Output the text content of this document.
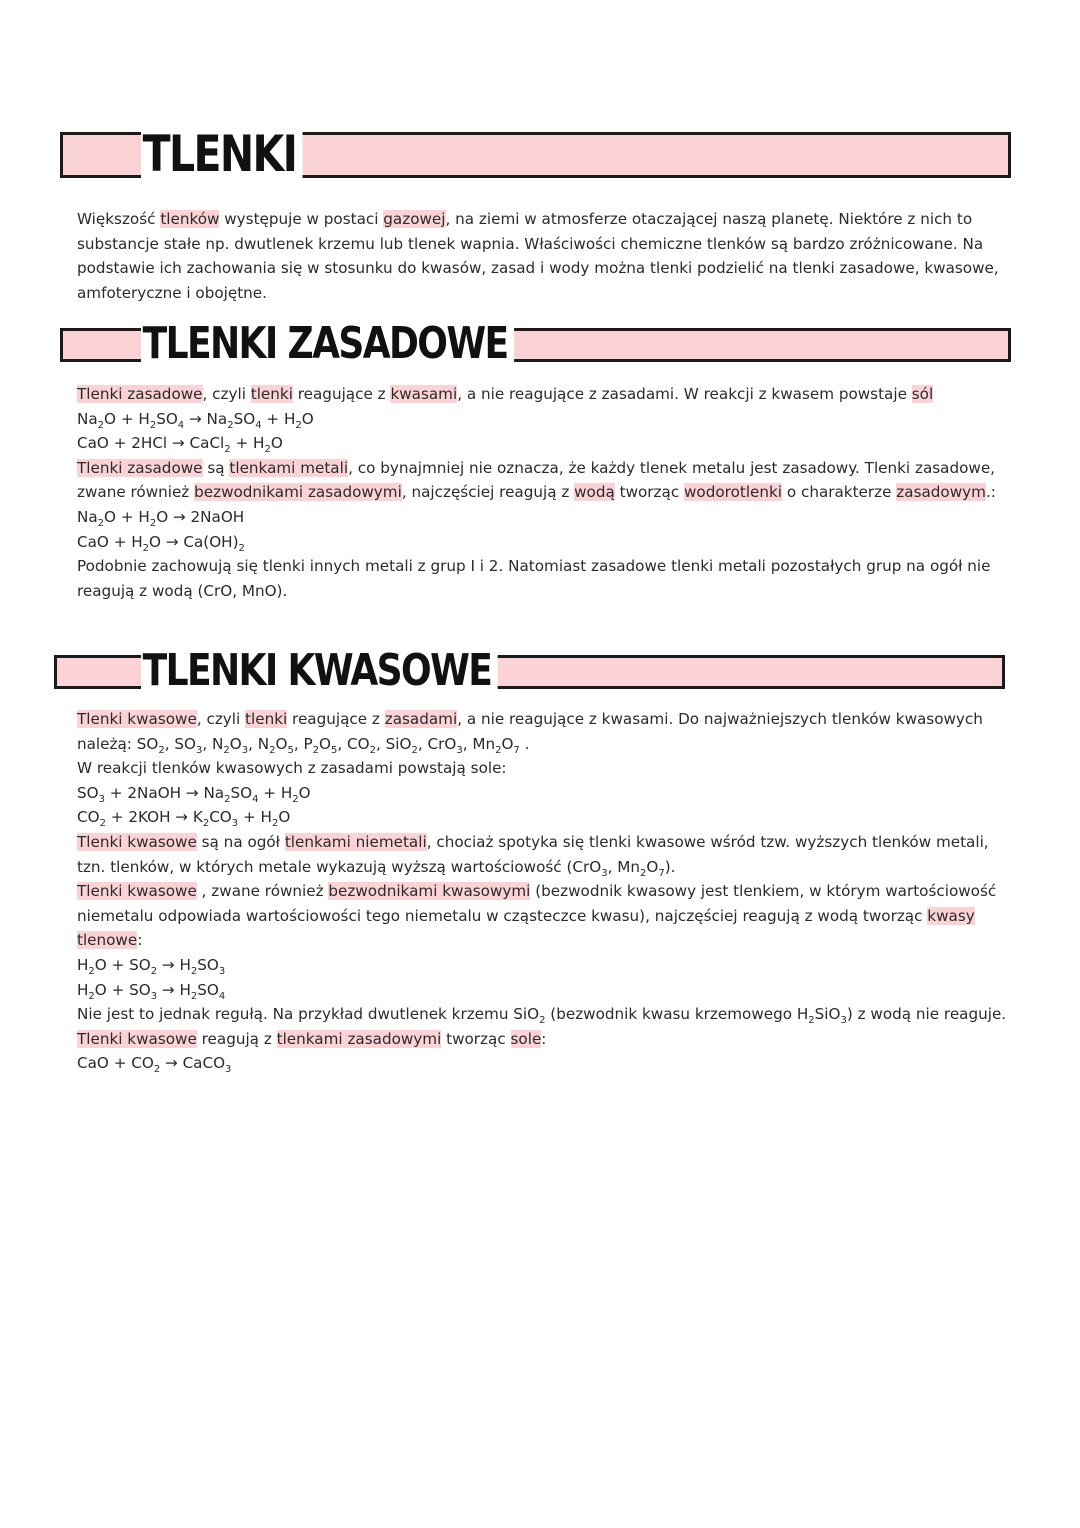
TLENKI

Większość tlenków występuje w postaci gazowej, na ziemi w atmosferze otaczającej naszą planetę. Niektóre z nich to substancje stałe np. dwutlenek krzemu lub tlenek wapnia. Właściwości chemiczne tlenków są bardzo zróżnicowane. Na podstawie ich zachowania się w stosunku do kwasów, zasad i wody można tlenki podzielić na tlenki zasadowe, kwasowe, amfoteryczne i obojętne.

TLENKI ZASADOWE

Tlenki zasadowe, czyli tlenki reagujące z kwasami, a nie reagujące z zasadami. W reakcji z kwasem powstaje sól

$Na_2O + H_2SO_4 \to Na_2SO_4 + H_2O$

CaO + 2HCl → CaCl$_2$ + $H_2O$

Tlenki zasadowe są tlenkami metali, co bynajmniej nie oznacza, że każdy tlenek metalu jest zasadowy. Tlenki zasadowe, zwane również bezwodnikami zasadowymi, najczęściej reagują z wodą tworząc wodorotlenki o charakterze zasadowym.:

$Na_2O + H_2O$ → 2NaOH

CaO + $H_2O \to Ca(OH)_2$

Podobnie zachowują się tlenki innych metali z grup I i 2. Natomiast zasadowe tlenki metali pozostałych grup na ogół nie reagują z wodą (CrO, MnO).

TLENKI KWASOWE

Tlenki kwasowe, czyli tlenki reagujące z zasadami, a nie reagujące z kwasami. Do najważniejszych tlenków kwasowych należą: $SO_2$, $SO_3$, $N_2O_3$, $N_2O_5$, $P_2O_5$, $CO_2$, SiO$_2$, CrO$_3$, $Mn_2O_7$ .

W reakcji tlenków kwasowych z zasadami powstają sole:

$SO_3$ + 2NaOH → $Na_2SO_4 + H_2O$

$CO_2 + 2KOH \to K_2CO_3 + H_2O$

Tlenki kwasowe są na ogół tlenkami niemetali, chociaż spotyka się tlenki kwasowe wśród tzw. wyższych tlenków metali, tzn. tlenków, w których metale wykazują wyższą wartościowość (CrO$_3$, $Mn_2O_7$).

Tlenki kwasowe , zwane również bezwodnikami kwasowymi (bezwodnik kwasowy jest tlenkiem, w którym wartościowość niemetalu odpowiada wartościowości tego niemetalu w cząsteczce kwasu), najczęściej reagują z wodą tworząc kwasy tlenowe:

$H_2O + SO_2 \to H_2SO_3$

$H_2O + SO_3 \to H_2SO_4$

Nie jest to jednak regułą. Na przykład dwutlenek krzemu SiO$_2$ (bezwodnik kwasu krzemowego $H_2SiO_3$) z wodą nie reaguje.

Tlenki kwasowe reagują z tlenkami zasadowymi tworząc sole:

CaO + $CO_2$ → CaCO$_3$
